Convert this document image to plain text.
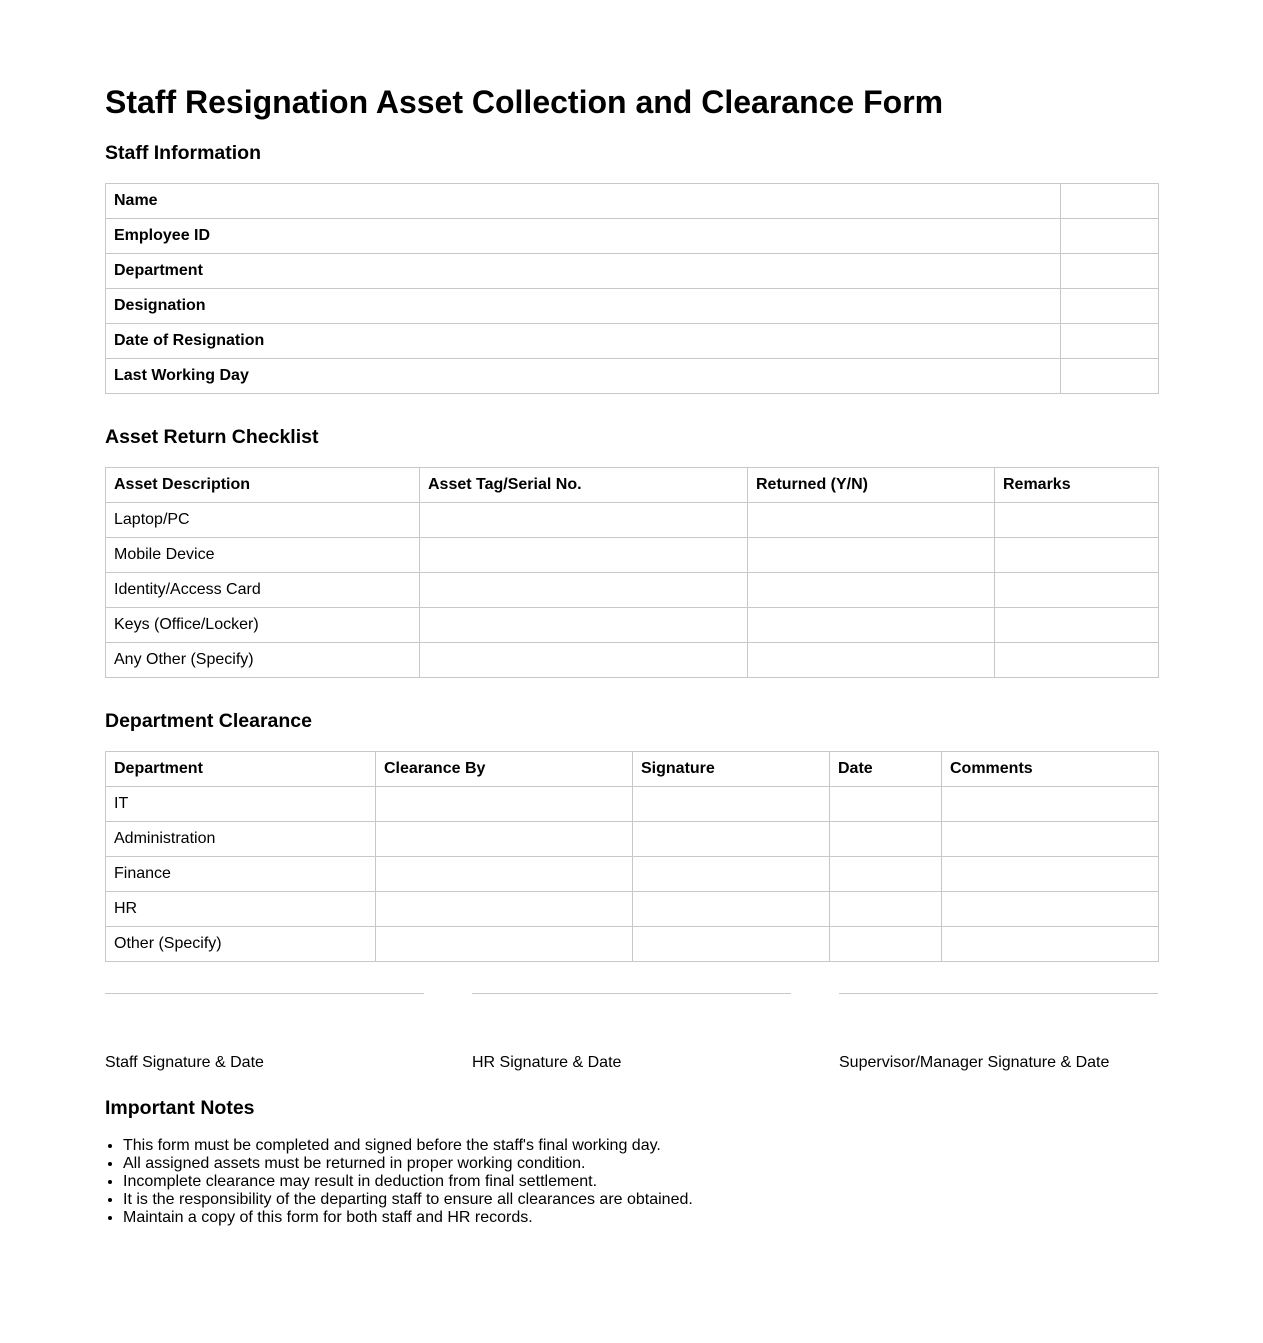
Staff Resignation Asset Collection and Clearance Form
Staff Information
Name	
Employee ID	
Department	
Designation	
Date of Resignation	
Last Working Day	
Asset Return Checklist
Asset Description	Asset Tag/Serial No.	Returned (Y/N)	Remarks
Laptop/PC			
Mobile Device			
Identity/Access Card			
Keys (Office/Locker)			
Any Other (Specify)			
Department Clearance
Department	Clearance By	Signature	Date	Comments
IT				
Administration				
Finance				
HR				
Other (Specify)				
Staff Signature & Date	HR Signature & Date	Supervisor/Manager Signature & Date
Important Notes
• This form must be completed and signed before the staff's final working day.
• All assigned assets must be returned in proper working condition.
• Incomplete clearance may result in deduction from final settlement.
• It is the responsibility of the departing staff to ensure all clearances are obtained.
• Maintain a copy of this form for both staff and HR records.
